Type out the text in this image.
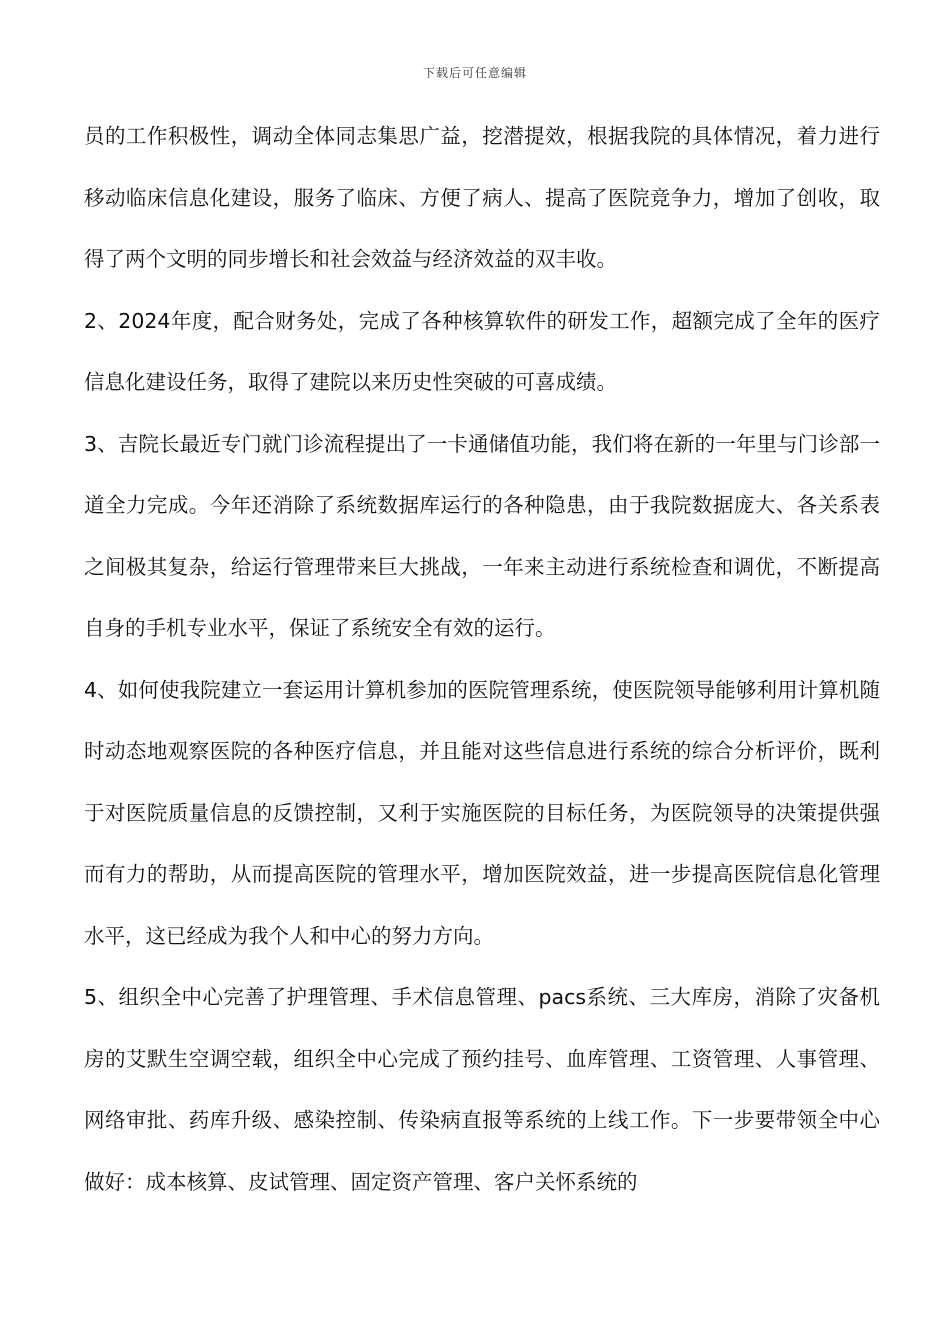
下载后可任意编辑

员的工作积极性，调动全体同志集思广益，挖潜提效，根据我院的具体情况，着力进行移动临床信息化建设，服务了临床、方便了病人、提高了医院竞争力，增加了创收，取得了两个文明的同步增长和社会效益与经济效益的双丰收。

2、2024年度，配合财务处，完成了各种核算软件的研发工作，超额完成了全年的医疗信息化建设任务，取得了建院以来历史性突破的可喜成绩。

3、吉院长最近专门就门诊流程提出了一卡通储值功能，我们将在新的一年里与门诊部一道全力完成。今年还消除了系统数据库运行的各种隐患，由于我院数据庞大、各关系表之间极其复杂，给运行管理带来巨大挑战，一年来主动进行系统检查和调优，不断提高自身的手机专业水平，保证了系统安全有效的运行。

4、如何使我院建立一套运用计算机参加的医院管理系统，使医院领导能够利用计算机随时动态地观察医院的各种医疗信息，并且能对这些信息进行系统的综合分析评价，既利于对医院质量信息的反馈控制，又利于实施医院的目标任务，为医院领导的决策提供强而有力的帮助，从而提高医院的管理水平，增加医院效益，进一步提高医院信息化管理水平，这已经成为我个人和中心的努力方向。

5、组织全中心完善了护理管理、手术信息管理、pacs系统、三大库房，消除了灾备机房的艾默生空调空载，组织全中心完成了预约挂号、血库管理、工资管理、人事管理、网络审批、药库升级、感染控制、传染病直报等系统的上线工作。下一步要带领全中心做好：成本核算、皮试管理、固定资产管理、客户关怀系统的
